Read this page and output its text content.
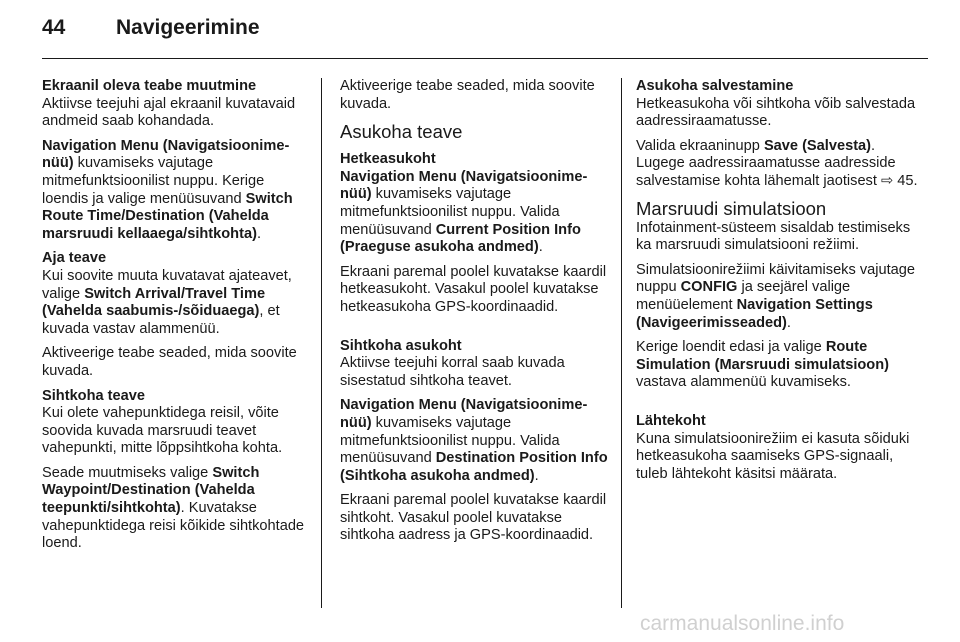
44 Navigeerimine
Ekraanil oleva teabe muutmine
Aktiivse teejuhi ajal ekraanil kuvatavaid andmeid saab kohandada.
Navigation Menu (Navigatsioonime-nüü) kuvamiseks vajutage mitmefunktsioonilist nuppu. Kerige loendis ja valige menüüsuvand Switch Route Time/Destination (Vahelda marsruudi kellaaega/sihtkohta).
Aja teave
Kui soovite muuta kuvatavat ajateavet, valige Switch Arrival/Travel Time (Vahelda saabumis-/sõiduaega), et kuvada vastav alammenüü.
Aktiveerige teabe seaded, mida soovite kuvada.
Sihtkoha teave
Kui olete vahepunktidega reisil, võite soovida kuvada marsruudi teavet vahepunkti, mitte lõppsihtkoha kohta.
Seade muutmiseks valige Switch Waypoint/Destination (Vahelda teepunkti/sihtkohta). Kuvatakse vahepunktidega reisi kõikide sihtkohtade loend.
Aktiveerige teabe seaded, mida soovite kuvada.
Asukoha teave
Hetkeasukoht
Navigation Menu (Navigatsioonime-nüü) kuvamiseks vajutage mitmefunktsioonilist nuppu. Valida menüüsuvand Current Position Info (Praeguse asukoha andmed).
Ekraani paremal poolel kuvatakse kaardil hetkeasukoht. Vasakul poolel kuvatakse hetkeasukoha GPS-koordinaadid.
Sihtkoha asukoht
Aktiivse teejuhi korral saab kuvada sisestatud sihtkoha teavet.
Navigation Menu (Navigatsioonime-nüü) kuvamiseks vajutage mitmefunktsioonilist nuppu. Valida menüüsuvand Destination Position Info (Sihtkoha asukoha andmed).
Ekraani paremal poolel kuvatakse kaardil sihtkoht. Vasakul poolel kuvatakse sihtkoha aadress ja GPS-koordinaadid.
Asukoha salvestamine
Hetkeasukoha või sihtkoha võib salvestada aadressiraamatusse.
Valida ekraaninupp Save (Salvesta). Lugege aadressiraamatusse aadresside salvestamise kohta lähemalt jaotisest ⇨ 45.
Marsruudi simulatsioon
Infotainment-süsteem sisaldab testimiseks ka marsruudi simulatsiooni režiimi.
Simulatsioonirežiimi käivitamiseks vajutage nuppu CONFIG ja seejärel valige menüüelement Navigation Settings (Navigeerimisseaded).
Kerige loendit edasi ja valige Route Simulation (Marsruudi simulatsioon) vastava alammenüü kuvamiseks.
Lähtekoht
Kuna simulatsioonirežiim ei kasuta sõiduki hetkeasukoha saamiseks GPS-signaali, tuleb lähtekoht käsitsi määrata.
carmanualsonline.info
